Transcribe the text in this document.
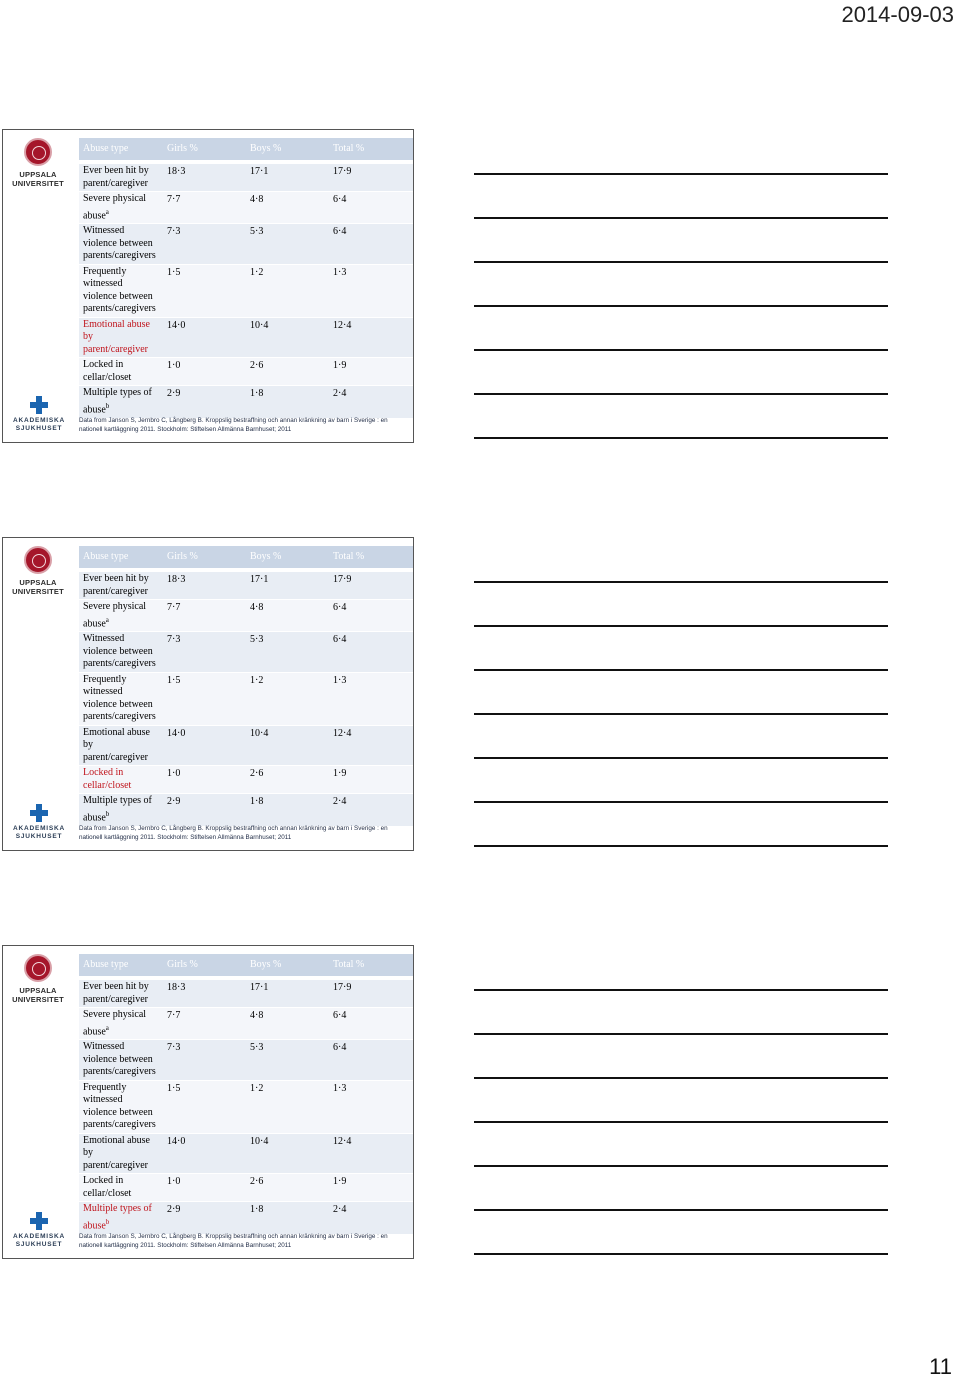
2014-09-03
UPPSALA
UNIVERSITET
Abuse type	Girls %	Boys %	Total %
Ever been hit by
parent/caregiver	18·3	17·1	17·9
Severe physical
abuse$^a$	7·7	4·8	6·4
Witnessed
violence between
parents/caregivers	7·3	5·3	6·4
Frequently
witnessed
violence between
parents/caregivers	1·5	1·2	1·3
Emotional abuse
by
parent/caregiver	14·0	10·4	12·4
Locked in
cellar/closet	1·0	2·6	1·9
Multiple types of
abuse$^b$	2·9	1·8	2·4
AKADEMISKA
SJUKHUSET
Data from Janson S, Jernbro C, Långberg B. Kroppslig bestraffning och annan kränkning av barn i Sverige : en nationell kartläggning 2011. Stockholm: Stiftelsen Allmänna Barnhuset; 2011
UPPSALA
UNIVERSITET
Abuse type	Girls %	Boys %	Total %
Ever been hit by
parent/caregiver	18·3	17·1	17·9
Severe physical
abuse$^a$	7·7	4·8	6·4
Witnessed
violence between
parents/caregivers	7·3	5·3	6·4
Frequently
witnessed
violence between
parents/caregivers	1·5	1·2	1·3
Emotional abuse
by
parent/caregiver	14·0	10·4	12·4
Locked in
cellar/closet	1·0	2·6	1·9
Multiple types of
abuse$^b$	2·9	1·8	2·4
AKADEMISKA
SJUKHUSET
Data from Janson S, Jernbro C, Långberg B. Kroppslig bestraffning och annan kränkning av barn i Sverige : en nationell kartläggning 2011. Stockholm: Stiftelsen Allmänna Barnhuset; 2011
UPPSALA
UNIVERSITET
Abuse type	Girls %	Boys %	Total %
Ever been hit by
parent/caregiver	18·3	17·1	17·9
Severe physical
abuse$^a$	7·7	4·8	6·4
Witnessed
violence between
parents/caregivers	7·3	5·3	6·4
Frequently
witnessed
violence between
parents/caregivers	1·5	1·2	1·3
Emotional abuse
by
parent/caregiver	14·0	10·4	12·4
Locked in
cellar/closet	1·0	2·6	1·9
Multiple types of
abuse$^b$	2·9	1·8	2·4
AKADEMISKA
SJUKHUSET
Data from Janson S, Jernbro C, Långberg B. Kroppslig bestraffning och annan kränkning av barn i Sverige : en nationell kartläggning 2011. Stockholm: Stiftelsen Allmänna Barnhuset; 2011
11
